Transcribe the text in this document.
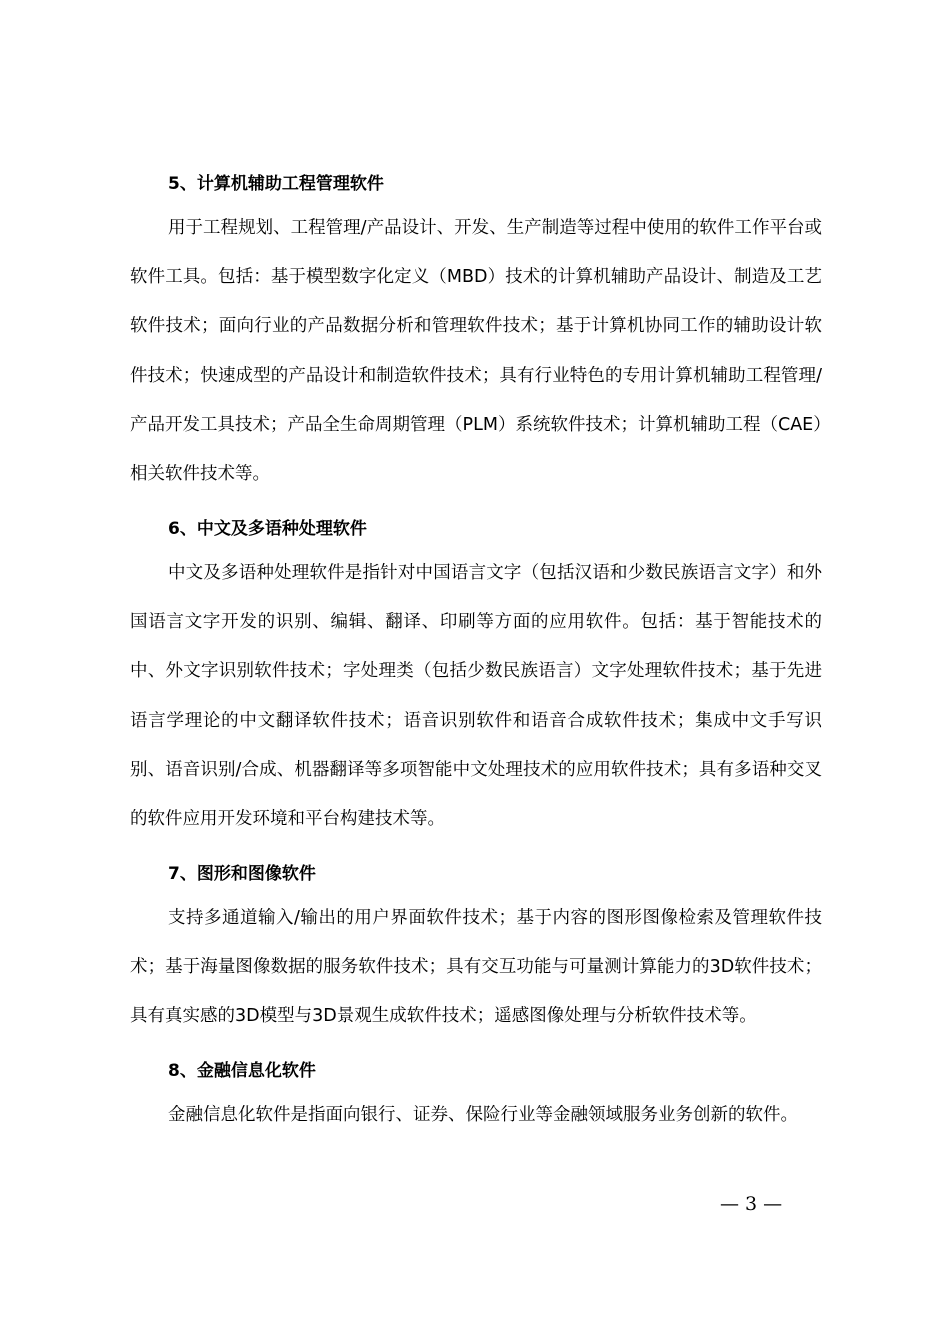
5、计算机辅助工程管理软件
用于工程规划、工程管理/产品设计、开发、生产制造等过程中使用的软件工作平台或软件工具。包括：基于模型数字化定义（MBD）技术的计算机辅助产品设计、制造及工艺软件技术；面向行业的产品数据分析和管理软件技术；基于计算机协同工作的辅助设计软件技术；快速成型的产品设计和制造软件技术；具有行业特色的专用计算机辅助工程管理/产品开发工具技术；产品全生命周期管理（PLM）系统软件技术；计算机辅助工程（CAE）相关软件技术等。
6、中文及多语种处理软件
中文及多语种处理软件是指针对中国语言文字（包括汉语和少数民族语言文字）和外国语言文字开发的识别、编辑、翻译、印刷等方面的应用软件。包括：基于智能技术的中、外文字识别软件技术；字处理类（包括少数民族语言）文字处理软件技术；基于先进语言学理论的中文翻译软件技术；语音识别软件和语音合成软件技术；集成中文手写识别、语音识别/合成、机器翻译等多项智能中文处理技术的应用软件技术；具有多语种交叉的软件应用开发环境和平台构建技术等。
7、图形和图像软件
支持多通道输入/输出的用户界面软件技术；基于内容的图形图像检索及管理软件技术；基于海量图像数据的服务软件技术；具有交互功能与可量测计算能力的3D软件技术；具有真实感的3D模型与3D景观生成软件技术；遥感图像处理与分析软件技术等。
8、金融信息化软件
金融信息化软件是指面向银行、证券、保险行业等金融领域服务业务创新的软件。
— 3 —
